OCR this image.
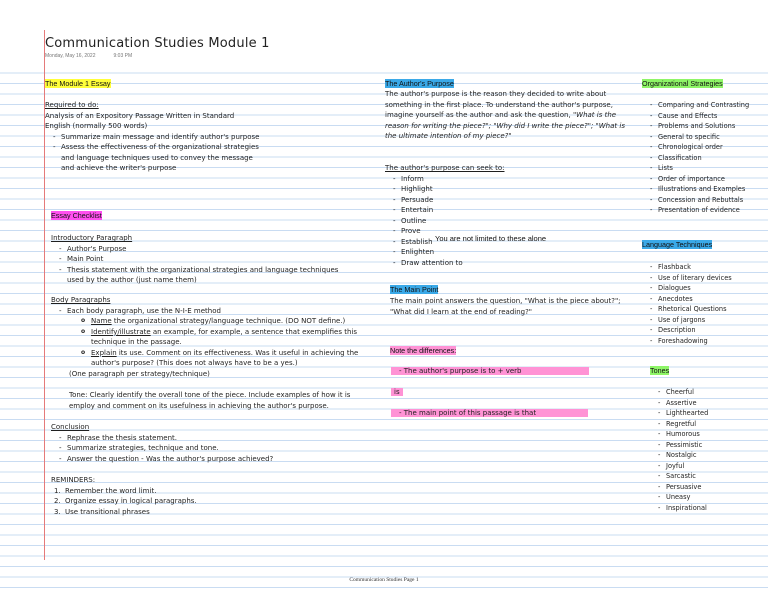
Communication Studies Module 1
Monday, May 16, 2022	9:03 PM
The Module 1 Essay
Required to do:
Analysis of an Expository Passage Written in Standard English (normally 500 words)
- Summarize main message and identify author's purpose
- Assess the effectiveness of the organizational strategies and language techniques used to convey the message and achieve the writer's purpose
Essay Checklist
Introductory Paragraph
- Author's Purpose
- Main Point
- Thesis statement with the organizational strategies and language techniques used by the author (just name them)
Body Paragraphs
- Each body paragraph, use the N-I-E method
o Name the organizational strategy/language technique. (DO NOT define.)
o Identify/illustrate an example, for example, a sentence that exemplifies this technique in the passage.
o Explain its use. Comment on its effectiveness. Was it useful in achieving the author's purpose? (This does not always have to be a yes.)
(One paragraph per strategy/technique)
Tone: Clearly identify the overall tone of the piece. Include examples of how it is employ and comment on its usefulness in achieving the author's purpose.
Conclusion
- Rephrase the thesis statement.
- Summarize strategies, technique and tone.
- Answer the question - Was the author's purpose achieved?
REMINDERS:
1. Remember the word limit.
2. Organize essay in logical paragraphs.
3. Use transitional phrases
The Author's Purpose
The author's purpose is the reason they decided to write about something in the first place. To understand the author's purpose, imagine yourself as the author and ask the question, "What is the reason for writing the piece?"; "Why did I write the piece?"; "What is the ultimate intention of my piece?"
The author's purpose can seek to:
- Inform
- Highlight
- Persuade
- Entertain
- Outline
- Prove
- Establish
- Enlighten
- Draw attention to
You are not limited to these alone
The Main Point
The main point answers the question, "What is the piece about?"; "What did I learn at the end of reading?"
Note the differences:
- The author's purpose is to + verb
is
- The main point of this passage is that
Organizational Strategies
- Comparing and Contrasting
- Cause and Effects
- Problems and Solutions
- General to specific
- Chronological order
- Classification
- Lists
- Order of importance
- Illustrations and Examples
- Concession and Rebuttals
- Presentation of evidence
Language Techniques
- Flashback
- Use of literary devices
- Dialogues
- Anecdotes
- Rhetorical Questions
- Use of jargons
- Description
- Foreshadowing
Tones
- Cheerful
- Assertive
- Lighthearted
- Regretful
- Humorous
- Pessimistic
- Nostalgic
- Joyful
- Sarcastic
- Persuasive
- Uneasy
- Inspirational
Communication Studies Page 1
